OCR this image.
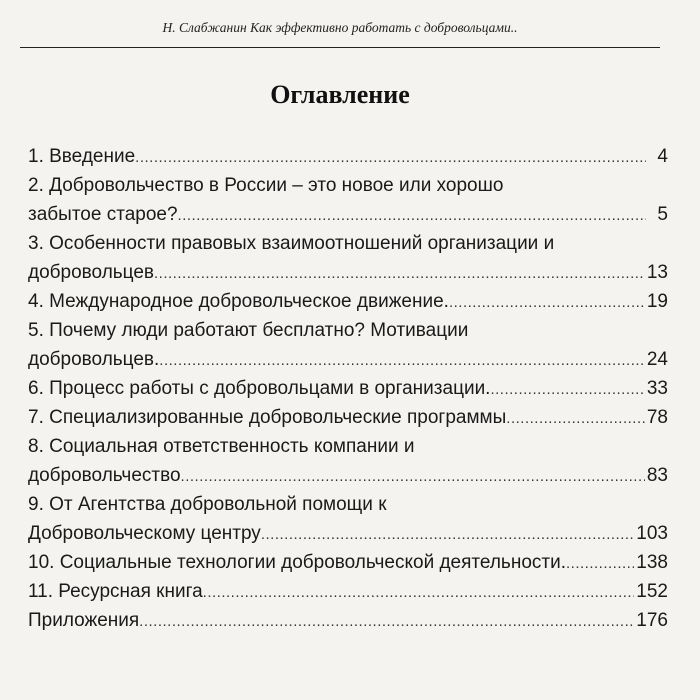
Н. Слабжанин Как эффективно работать с добровольцами..
Оглавление
1. Введение .....	4
2. Добровольчество в России – это новое или хорошо
забытое старое? .....	5
3. Особенности правовых взаимоотношений организации и
добровольцев .....	13
4. Международное добровольческое движение. .....	19
5. Почему люди работают бесплатно? Мотивации
добровольцев. .....	24
6. Процесс работы с добровольцами в организации. .....	33
7. Специализированные добровольческие программы .....	78
8. Социальная ответственность компании и
добровольчество .....	83
9. От Агентства добровольной помощи к
Добровольческому центру .....	103
10. Социальные технологии добровольческой деятельности. .....	138
11. Ресурсная книга .....	152
Приложения .....	176
